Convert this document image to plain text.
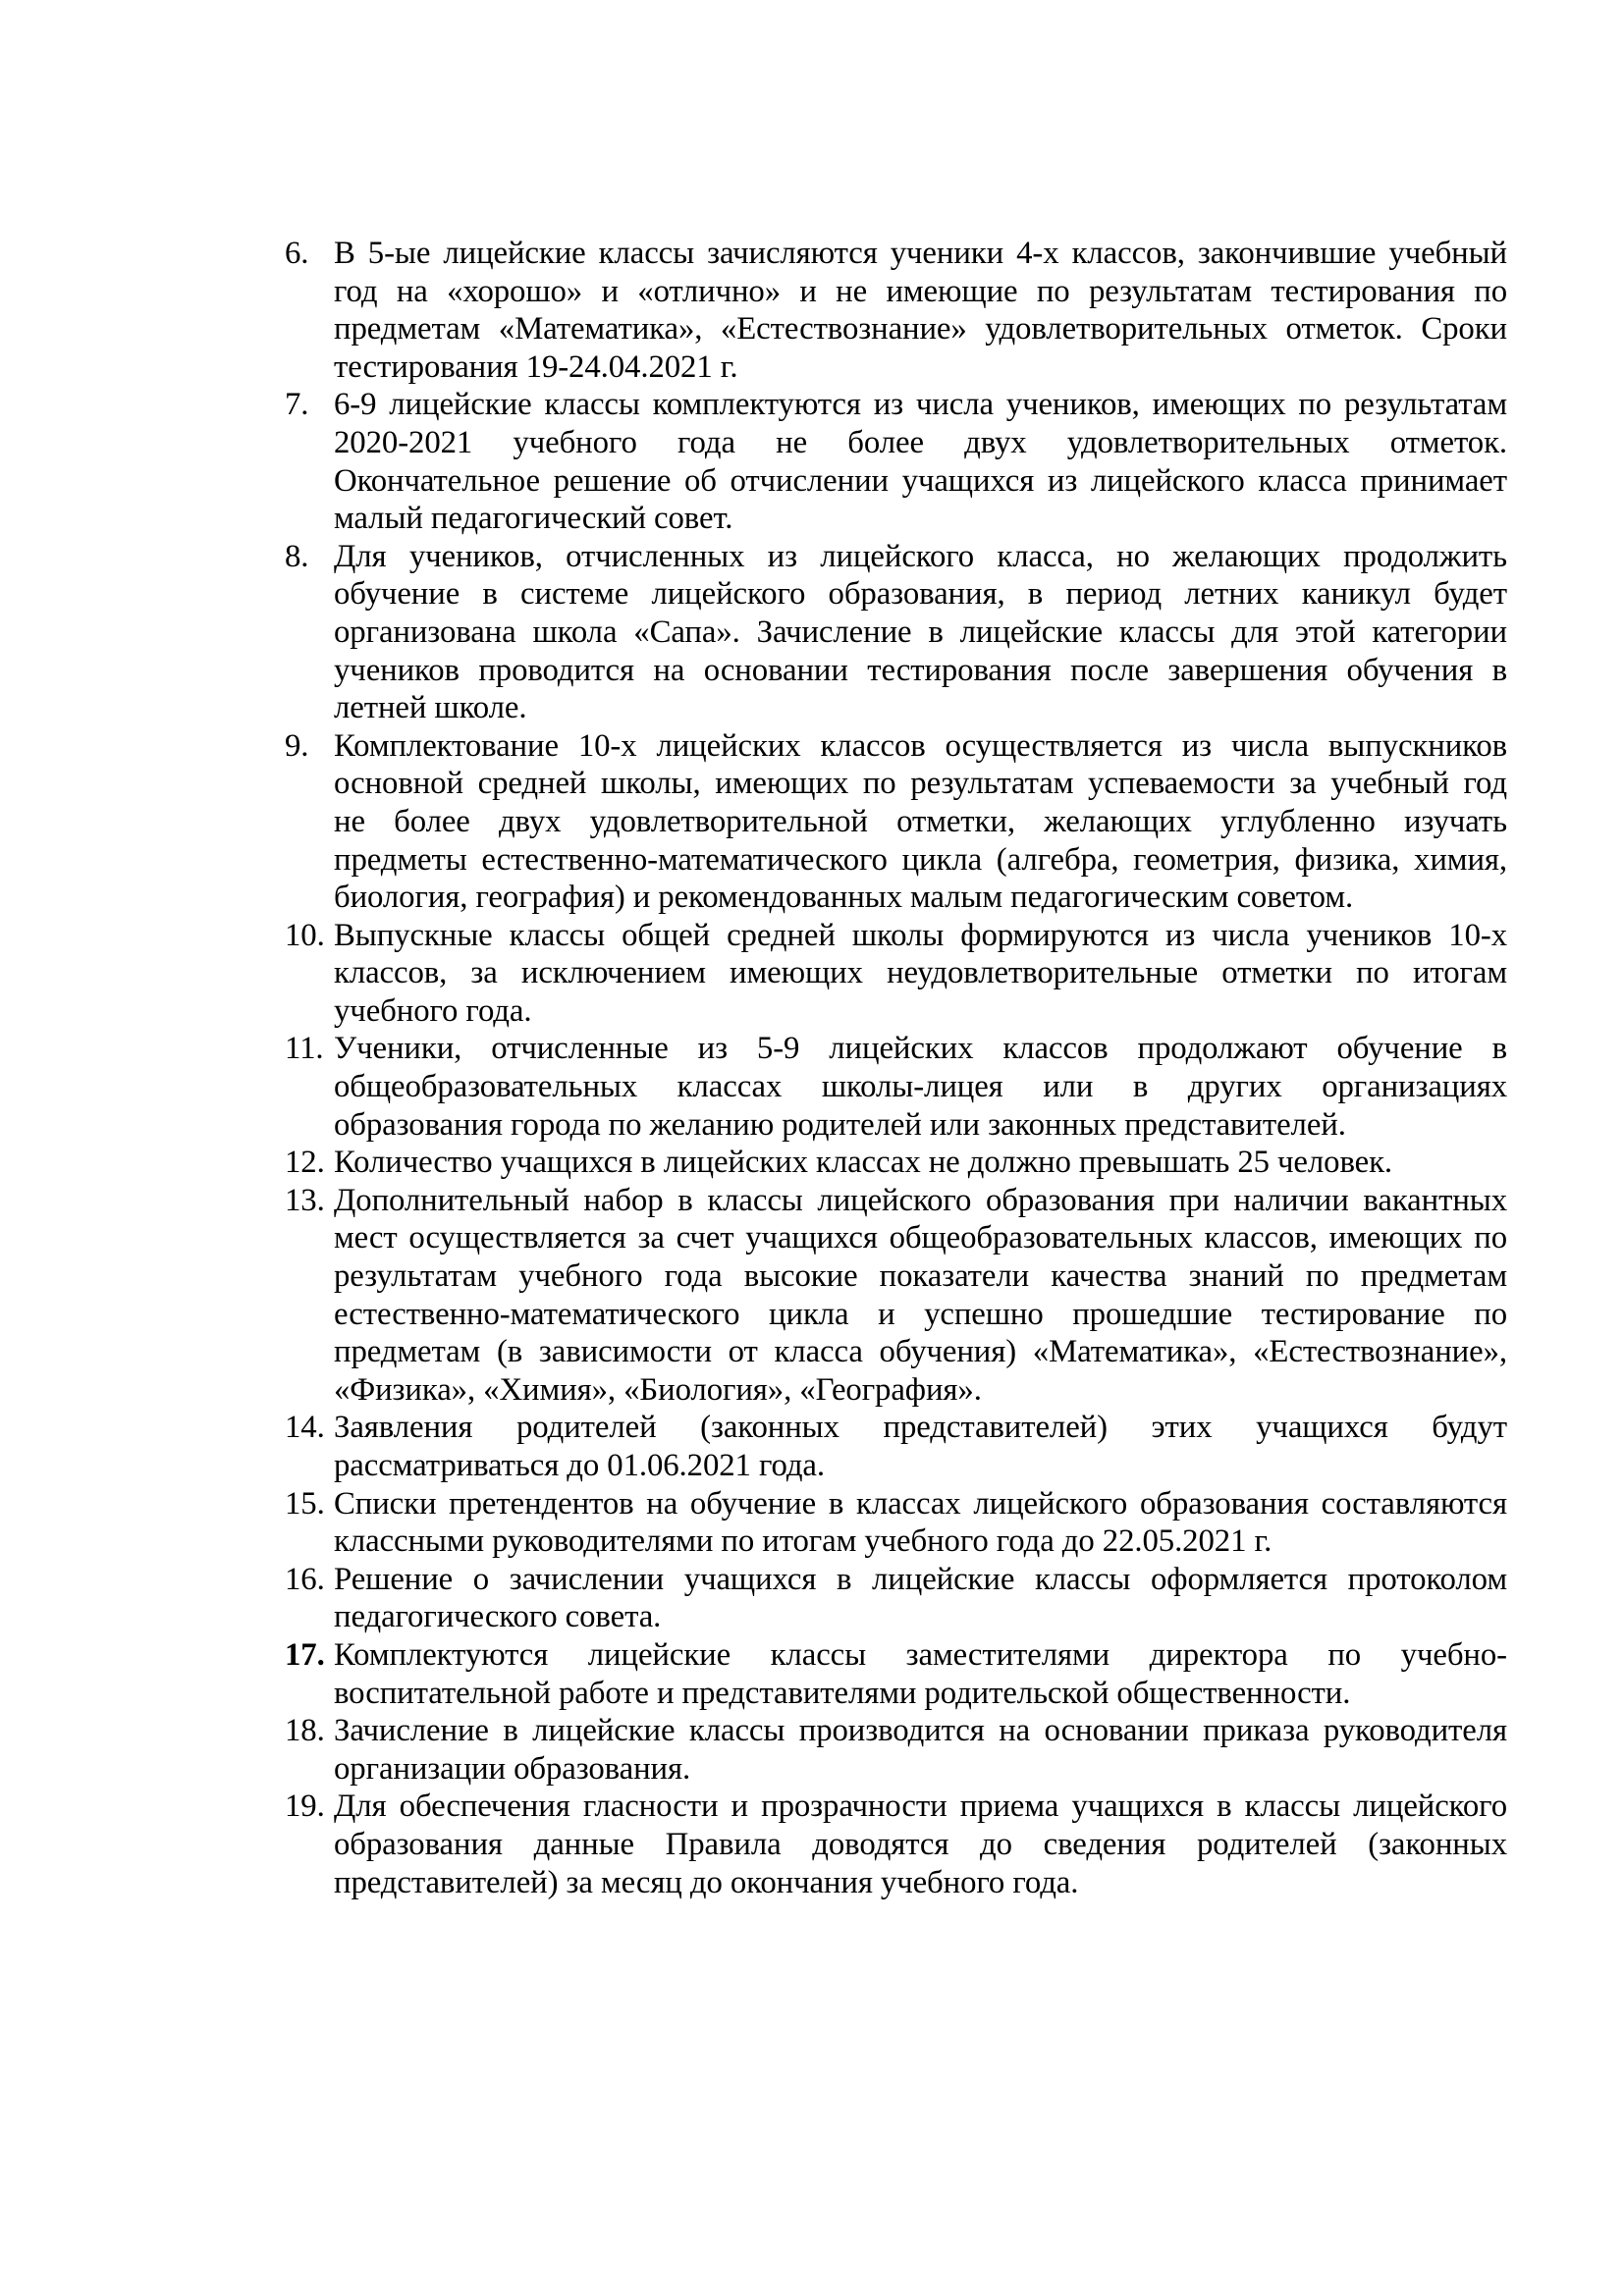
6. В 5-ые лицейские классы зачисляются ученики 4-х классов, закончившие учебный
год на «хорошо» и «отлично» и не имеющие по результатам тестирования по
предметам «Математика», «Естествознание» удовлетворительных отметок. Сроки
тестирования 19-24.04.2021 г.
7. 6-9 лицейские классы комплектуются из числа учеников, имеющих по результатам
2020-2021 учебного года не более двух удовлетворительных отметок.
Окончательное решение об отчислении учащихся из лицейского класса принимает
малый педагогический совет.
8. Для учеников, отчисленных из лицейского класса, но желающих продолжить
обучение в системе лицейского образования, в период летних каникул будет
организована школа «Сапа». Зачисление в лицейские классы для этой категории
учеников проводится на основании тестирования после завершения обучения в
летней школе.
9. Комплектование 10-х лицейских классов осуществляется из числа выпускников
основной средней школы, имеющих по результатам успеваемости за учебный год
не более двух удовлетворительной отметки, желающих углубленно изучать
предметы естественно-математического цикла (алгебра, геометрия, физика, химия,
биология, география) и рекомендованных малым педагогическим советом.
10. Выпускные классы общей средней школы формируются из числа учеников 10-х
классов, за исключением имеющих неудовлетворительные отметки по итогам
учебного года.
11. Ученики, отчисленные из 5-9 лицейских классов продолжают обучение в
общеобразовательных классах школы-лицея или в других организациях
образования города по желанию родителей или законных представителей.
12. Количество учащихся в лицейских классах не должно превышать 25 человек.
13. Дополнительный набор в классы лицейского образования при наличии вакантных
мест осуществляется за счет учащихся общеобразовательных классов, имеющих по
результатам учебного года высокие показатели качества знаний по предметам
естественно-математического цикла и успешно прошедшие тестирование по
предметам (в зависимости от класса обучения) «Математика», «Естествознание»,
«Физика», «Химия», «Биология», «География».
14. Заявления родителей (законных представителей) этих учащихся будут
рассматриваться до 01.06.2021 года.
15. Списки претендентов на обучение в классах лицейского образования составляются
классными руководителями по итогам учебного года до 22.05.2021 г.
16. Решение о зачислении учащихся в лицейские классы оформляется протоколом
педагогического совета.
17. Комплектуются лицейские классы заместителями директора по учебно-
воспитательной работе и представителями родительской общественности.
18. Зачисление в лицейские классы производится на основании приказа руководителя
организации образования.
19. Для обеспечения гласности и прозрачности приема учащихся в классы лицейского
образования данные Правила доводятся до сведения родителей (законных
представителей) за месяц до окончания учебного года.
